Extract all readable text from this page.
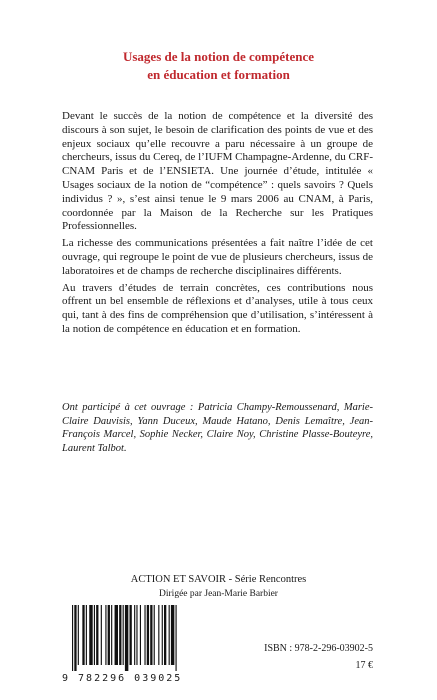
Usages de la notion de compétence
en éducation et formation

Devant le succès de la notion de compétence et la diversité des discours à son sujet, le besoin de clarification des points de vue et des enjeux sociaux qu’elle recouvre a paru nécessaire à un groupe de chercheurs, issus du Cereq, de l’IUFM Champagne-Ardenne, du CRF-CNAM Paris et de l’ENSIETA. Une journée d’étude, intitulée « Usages sociaux de la notion de “compétence” : quels savoirs ? Quels individus ? », s’est ainsi tenue le 9 mars 2006 au CNAM, à Paris, coordonnée par la Maison de la Recherche sur les Pratiques Professionnelles.

La richesse des communications présentées a fait naître l’idée de cet ouvrage, qui regroupe le point de vue de plusieurs chercheurs, issus de laboratoires et de champs de recherche disciplinaires différents.

Au travers d’études de terrain concrètes, ces contributions nous offrent un bel ensemble de réflexions et d’analyses, utile à tous ceux qui, tant à des fins de compréhension que d’utilisation, s’intéressent à la notion de compétence en éducation et en formation.

Ont participé à cet ouvrage : Patricia Champy-Remoussenard, Marie-Claire Dauvisis, Yann Duceux, Maude Hatano, Denis Lemaître, Jean-François Marcel, Sophie Necker, Claire Noy, Christine Plasse-Bouteyre, Laurent Talbot.
ACTION ET SAVOIR - Série Rencontres
Dirigée par Jean-Marie Barbier
9 782296 039025
ISBN : 978-2-296-03902-5
17 €
